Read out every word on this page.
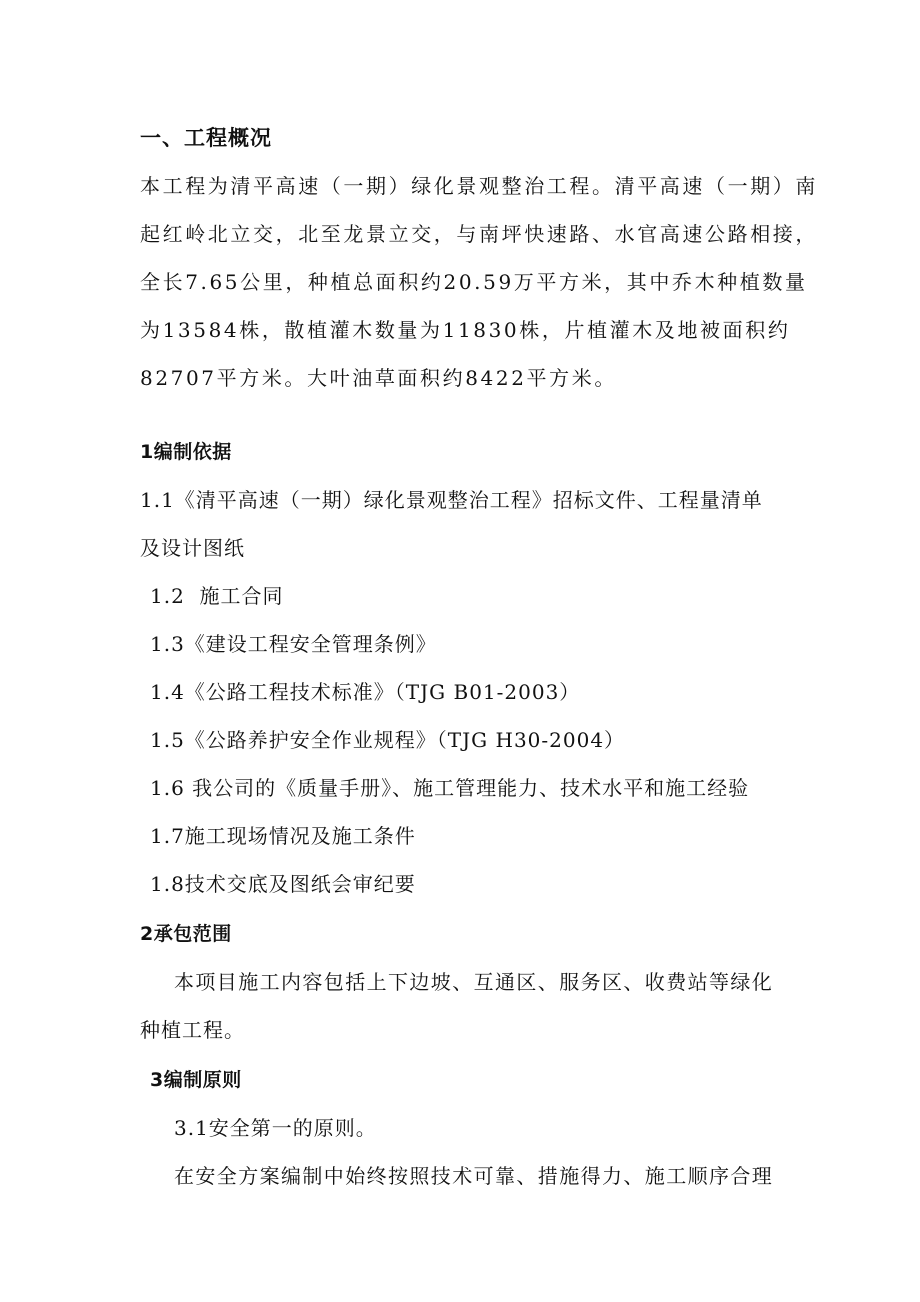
一、工程概况
本工程为清平高速（一期）绿化景观整治工程。清平高速（一期）南
起红岭北立交，北至龙景立交，与南坪快速路、水官高速公路相接，
全长7.65公里，种植总面积约20.59万平方米，其中乔木种植数量
为13584株，散植灌木数量为11830株，片植灌木及地被面积约
82707平方米。大叶油草面积约8422平方米。
1编制依据
1.1《清平高速（一期）绿化景观整治工程》招标文件、工程量清单
及设计图纸
1.2  施工合同
1.3《建设工程安全管理条例》
1.4《公路工程技术标准》（TJG B01-2003）
1.5《公路养护安全作业规程》（TJG H30-2004）
1.6 我公司的《质量手册》、施工管理能力、技术水平和施工经验
1.7施工现场情况及施工条件
1.8技术交底及图纸会审纪要
2承包范围
本项目施工内容包括上下边坡、互通区、服务区、收费站等绿化
种植工程。
3编制原则
3.1安全第一的原则。
在安全方案编制中始终按照技术可靠、措施得力、施工顺序合理
